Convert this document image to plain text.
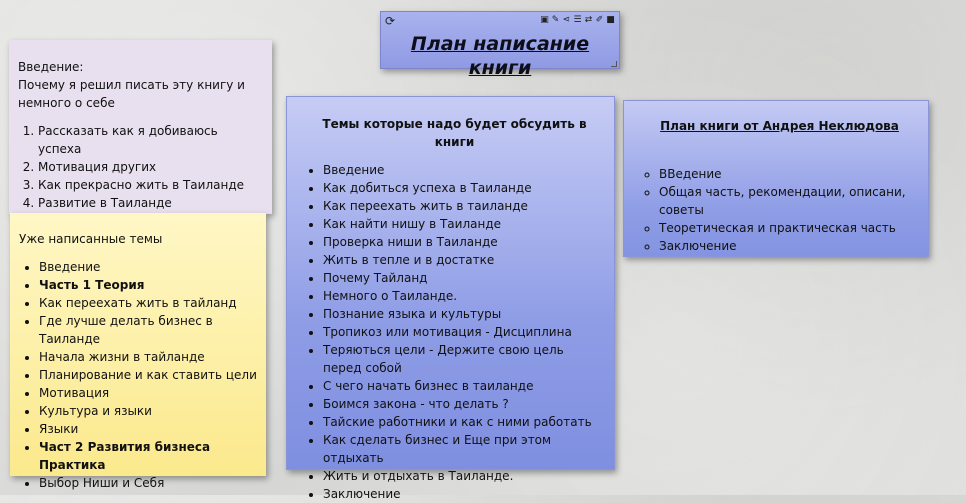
⟳	▣ ✎ ⋖ ☰ ⇄ ✐ ■
План написание книги

Введение:

Почему я решил писать эту книгу и немного о себе

1. Рассказать как я добиваюсь успеха
2. Мотивация других
3. Как прекрасно жить в Таиланде
4. Развитие в Таиланде

Уже написанные темы

• Введение
• Часть 1 Теория
• Как переехать жить в тайланд
• Где лучше делать бизнес в Таиланде
• Начала жизни в тайланде
• Планирование и как ставить цели
• Мотивация
• Культура и языки
• Языки
• Част 2 Развития бизнеса Практика
• Выбор Ниши и Себя
Темы которые надо будет обсудить в книги
• Введение
• Как добиться успеха в Таиланде
• Как переехать жить в таиланде
• Как найти нишу в Таиланде
• Проверка ниши в Таиланде
• Жить в тепле и в достатке
• Почему Тайланд
• Немного о Таиланде.
• Познание языка и культуры
• Тропикоз или мотивация - Дисциплина
• Теряються цели - Держите свою цель перед собой
• С чего начать бизнес в таиланде
• Боимся закона - что делать ?
• Тайские работники и как с ними работать
• Как сделать бизнес и Еще при этом отдыхать
• Жить и отдыхать в Таиланде.
• Заключение
План книги от Андрея Неклюдова
◦ ВВедение
◦ Общая часть, рекомендации, описани, советы
◦ Теоретическая и практическая часть
◦ Заключение
